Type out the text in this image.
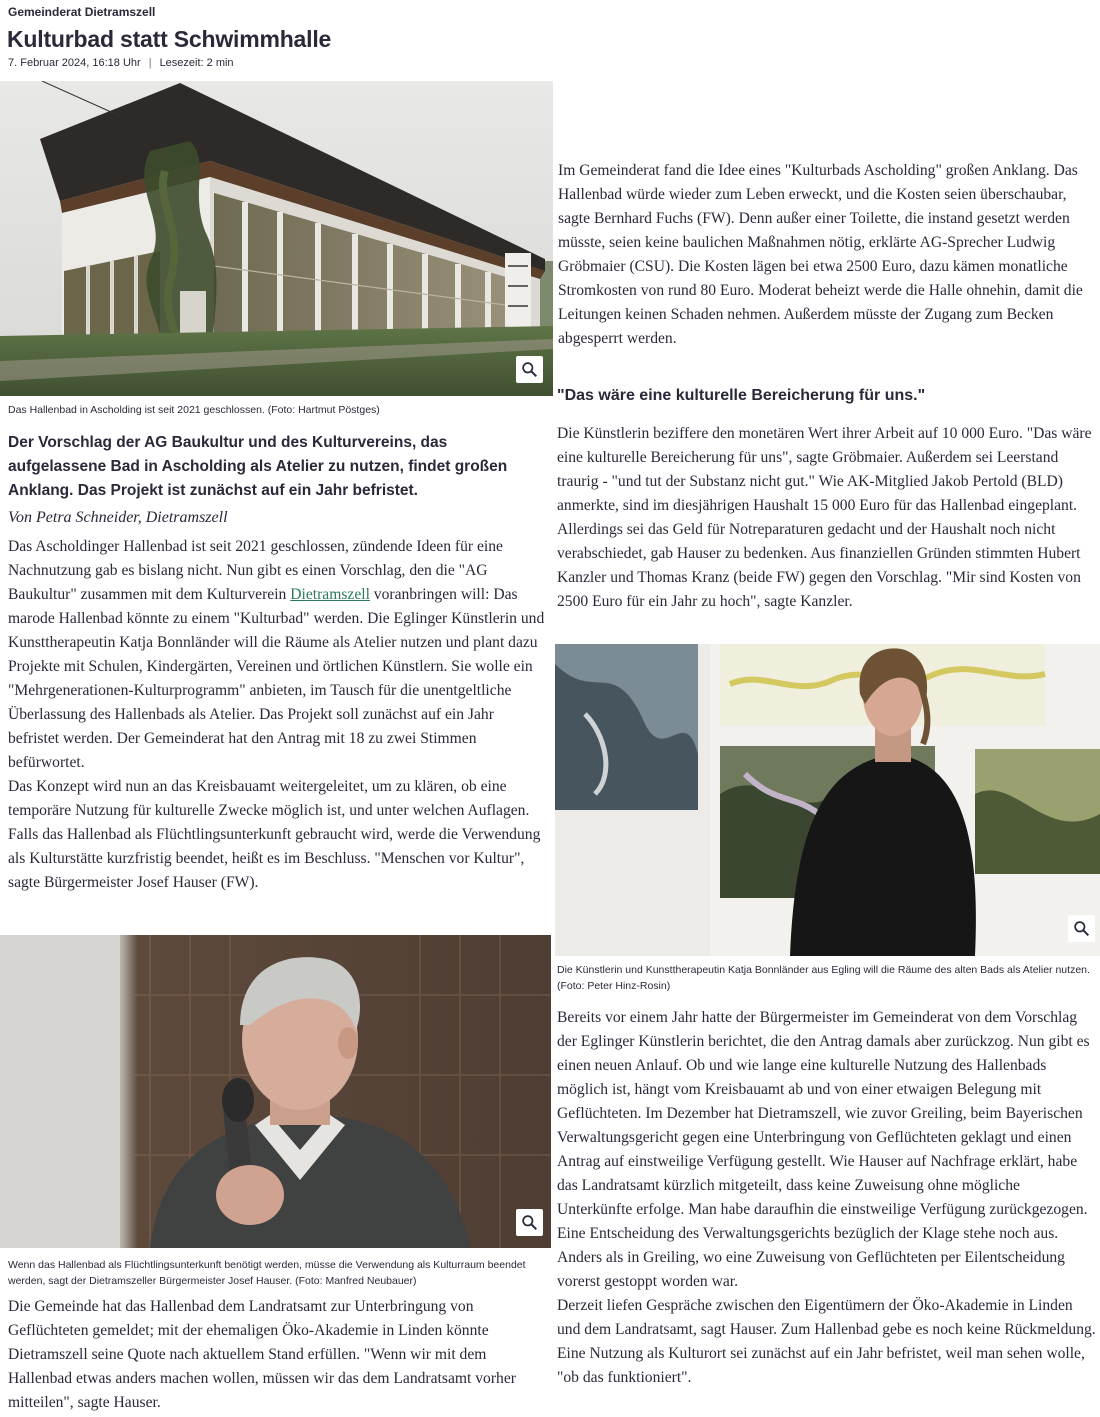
Gemeinderat Dietramszell
Kulturbad statt Schwimmhalle
7. Februar 2024, 16:18 Uhr | Lesezeit: 2 min
Das Hallenbad in Ascholding ist seit 2021 geschlossen. (Foto: Hartmut Pöstges)
Der Vorschlag der AG Baukultur und des Kulturvereins, das aufgelassene Bad in Ascholding als Atelier zu nutzen, findet großen Anklang. Das Projekt ist zunächst auf ein Jahr befristet.
Von Petra Schneider, Dietramszell

Das Ascholdinger Hallenbad ist seit 2021 geschlossen, zündende Ideen für eine Nachnutzung gab es bislang nicht. Nun gibt es einen Vorschlag, den die "AG Baukultur" zusammen mit dem Kulturverein Dietramszell voranbringen will: Das marode Hallenbad könnte zu einem "Kulturbad" werden. Die Eglinger Künstlerin und Kunsttherapeutin Katja Bonnländer will die Räume als Atelier nutzen und plant dazu Projekte mit Schulen, Kindergärten, Vereinen und örtlichen Künstlern. Sie wolle ein "Mehrgenerationen-Kulturprogramm" anbieten, im Tausch für die unentgeltliche Überlassung des Hallenbads als Atelier. Das Projekt soll zunächst auf ein Jahr befristet werden. Der Gemeinderat hat den Antrag mit 18 zu zwei Stimmen befürwortet.

Das Konzept wird nun an das Kreisbauamt weitergeleitet, um zu klären, ob eine temporäre Nutzung für kulturelle Zwecke möglich ist, und unter welchen Auflagen. Falls das Hallenbad als Flüchtlingsunterkunft gebraucht wird, werde die Verwendung als Kulturstätte kurzfristig beendet, heißt es im Beschluss. "Menschen vor Kultur", sagte Bürgermeister Josef Hauser (FW).

Wenn das Hallenbad als Flüchtlingsunterkunft benötigt werden, müsse die Verwendung als Kulturraum beendet werden, sagt der Dietramszeller Bürgermeister Josef Hauser. (Foto: Manfred Neubauer)

Die Gemeinde hat das Hallenbad dem Landratsamt zur Unterbringung von Geflüchteten gemeldet; mit der ehemaligen Öko-Akademie in Linden könnte Dietramszell seine Quote nach aktuellem Stand erfüllen. "Wenn wir mit dem Hallenbad etwas anders machen wollen, müssen wir das dem Landratsamt vorher mitteilen", sagte Hauser.

Im Gemeinderat fand die Idee eines "Kulturbads Ascholding" großen Anklang. Das Hallenbad würde wieder zum Leben erweckt, und die Kosten seien überschaubar, sagte Bernhard Fuchs (FW). Denn außer einer Toilette, die instand gesetzt werden müsste, seien keine baulichen Maßnahmen nötig, erklärte AG-Sprecher Ludwig Gröbmaier (CSU). Die Kosten lägen bei etwa 2500 Euro, dazu kämen monatliche Stromkosten von rund 80 Euro. Moderat beheizt werde die Halle ohnehin, damit die Leitungen keinen Schaden nehmen. Außerdem müsste der Zugang zum Becken abgesperrt werden.

"Das wäre eine kulturelle Bereicherung für uns."

Die Künstlerin beziffere den monetären Wert ihrer Arbeit auf 10 000 Euro. "Das wäre eine kulturelle Bereicherung für uns", sagte Gröbmaier. Außerdem sei Leerstand traurig - "und tut der Substanz nicht gut." Wie AK-Mitglied Jakob Pertold (BLD) anmerkte, sind im diesjährigen Haushalt 15 000 Euro für das Hallenbad eingeplant. Allerdings sei das Geld für Notreparaturen gedacht und der Haushalt noch nicht verabschiedet, gab Hauser zu bedenken. Aus finanziellen Gründen stimmten Hubert Kanzler und Thomas Kranz (beide FW) gegen den Vorschlag. "Mir sind Kosten von 2500 Euro für ein Jahr zu hoch", sagte Kanzler.

Die Künstlerin und Kunsttherapeutin Katja Bonnländer aus Egling will die Räume des alten Bads als Atelier nutzen. (Foto: Peter Hinz-Rosin)

Bereits vor einem Jahr hatte der Bürgermeister im Gemeinderat von dem Vorschlag der Eglinger Künstlerin berichtet, die den Antrag damals aber zurückzog. Nun gibt es einen neuen Anlauf. Ob und wie lange eine kulturelle Nutzung des Hallenbads möglich ist, hängt vom Kreisbauamt ab und von einer etwaigen Belegung mit Geflüchteten. Im Dezember hat Dietramszell, wie zuvor Greiling, beim Bayerischen Verwaltungsgericht gegen eine Unterbringung von Geflüchteten geklagt und einen Antrag auf einstweilige Verfügung gestellt. Wie Hauser auf Nachfrage erklärt, habe das Landratsamt kürzlich mitgeteilt, dass keine Zuweisung ohne mögliche Unterkünfte erfolge. Man habe daraufhin die einstweilige Verfügung zurückgezogen. Eine Entscheidung des Verwaltungsgerichts bezüglich der Klage stehe noch aus. Anders als in Greiling, wo eine Zuweisung von Geflüchteten per Eilentscheidung vorerst gestoppt worden war.

Derzeit liefen Gespräche zwischen den Eigentümern der Öko-Akademie in Linden und dem Landratsamt, sagt Hauser. Zum Hallenbad gebe es noch keine Rückmeldung. Eine Nutzung als Kulturort sei zunächst auf ein Jahr befristet, weil man sehen wolle, "ob das funktioniert".
